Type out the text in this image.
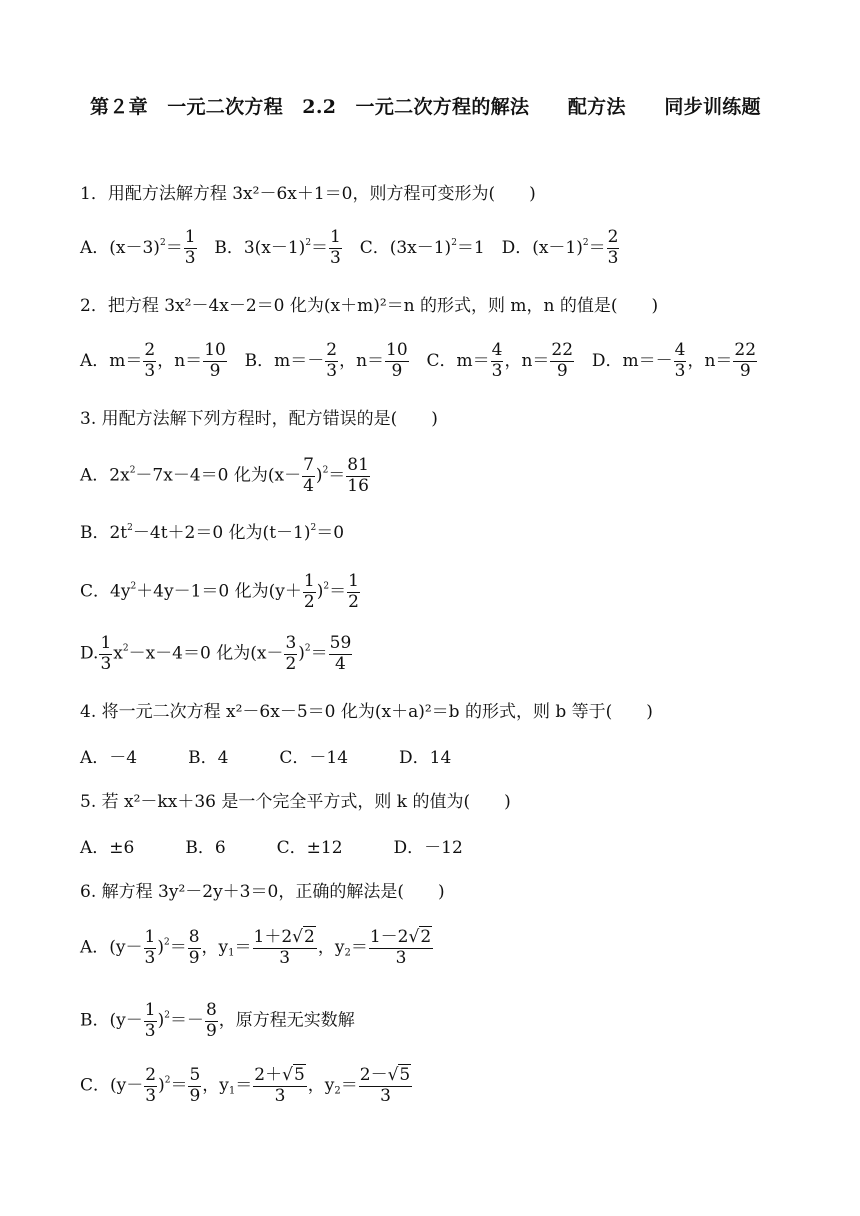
第２章　一元二次方程　2.2　一元二次方程的解法　　配方法　　同步训练题
1．用配方法解方程 3x²－6x＋1＝0，则方程可变形为(　　)
A．$(x-3)^2= \frac{1}{3}$ B．$3(x-1)^2= \frac{1}{3}$ C．$(3x-1)^2=1$ D．$(x-1)^2= \frac{2}{3}$
2．把方程 3x²－4x－2＝0 化为(x＋m)²＝n 的形式，则 m，n 的值是(　　)
A．$m= \frac{2}{3}$ ，$n= \frac{10}{9}$ B．$m=- \frac{2}{3}$ ，$n= \frac{10}{9}$ C．$m= \frac{4}{3}$ ，$n= \frac{22}{9}$ D．$m=- \frac{4}{3}$ ，$n= \frac{22}{9}$
3. 用配方法解下列方程时，配方错误的是(　　)
A．$2x^2-7x-4=0$ 化为$(x- \frac{7}{4} )^2= \frac{81}{16}$
B．$2t^2-4t+2=0$ 化为$(t-1)^2=0$
C．$4y^2+4y-1=0$ 化为$(y+ \frac{1}{2} )^2= \frac{1}{2}$
D. $\frac{1}{3} x^2-x-4=0$ 化为$(x- \frac{3}{2} )^2= \frac{59}{4}$
4. 将一元二次方程 x²－6x－5＝0 化为(x＋a)²＝b 的形式，则 b 等于(　　)
A．－4　　　B．4　　　C．－14　　　D．14
5. 若 x²－kx＋36 是一个完全平方式，则 k 的值为(　　)
A．±6　　　B．6　　　C．±12　　　D．－12
6. 解方程 3y²－2y＋3＝0，正确的解法是(　　)
A．$(y- \frac{1}{3} )^2= \frac{8}{9}$ ，$y_1= \frac{1+2√2}{3}$ ，$y_2= \frac{1-2√2}{3}$
B．$(y- \frac{1}{3} )^2=- \frac{8}{9}$ ，原方程无实数解
C．$(y- \frac{2}{3} )^2= \frac{5}{9}$ ，$y_1= \frac{2+√5}{3}$ ，$y_2= \frac{2-√5}{3}$
